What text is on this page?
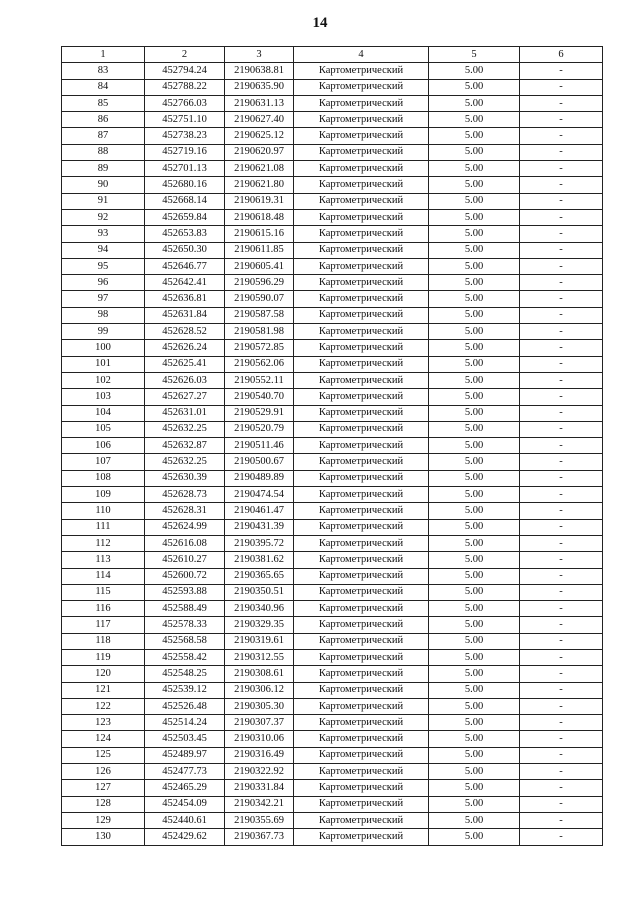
14
1	2	3	4	5	6
83	452794.24	2190638.81	Картометрический	5.00	-
84	452788.22	2190635.90	Картометрический	5.00	-
85	452766.03	2190631.13	Картометрический	5.00	-
86	452751.10	2190627.40	Картометрический	5.00	-
87	452738.23	2190625.12	Картометрический	5.00	-
88	452719.16	2190620.97	Картометрический	5.00	-
89	452701.13	2190621.08	Картометрический	5.00	-
90	452680.16	2190621.80	Картометрический	5.00	-
91	452668.14	2190619.31	Картометрический	5.00	-
92	452659.84	2190618.48	Картометрический	5.00	-
93	452653.83	2190615.16	Картометрический	5.00	-
94	452650.30	2190611.85	Картометрический	5.00	-
95	452646.77	2190605.41	Картометрический	5.00	-
96	452642.41	2190596.29	Картометрический	5.00	-
97	452636.81	2190590.07	Картометрический	5.00	-
98	452631.84	2190587.58	Картометрический	5.00	-
99	452628.52	2190581.98	Картометрический	5.00	-
100	452626.24	2190572.85	Картометрический	5.00	-
101	452625.41	2190562.06	Картометрический	5.00	-
102	452626.03	2190552.11	Картометрический	5.00	-
103	452627.27	2190540.70	Картометрический	5.00	-
104	452631.01	2190529.91	Картометрический	5.00	-
105	452632.25	2190520.79	Картометрический	5.00	-
106	452632.87	2190511.46	Картометрический	5.00	-
107	452632.25	2190500.67	Картометрический	5.00	-
108	452630.39	2190489.89	Картометрический	5.00	-
109	452628.73	2190474.54	Картометрический	5.00	-
110	452628.31	2190461.47	Картометрический	5.00	-
111	452624.99	2190431.39	Картометрический	5.00	-
112	452616.08	2190395.72	Картометрический	5.00	-
113	452610.27	2190381.62	Картометрический	5.00	-
114	452600.72	2190365.65	Картометрический	5.00	-
115	452593.88	2190350.51	Картометрический	5.00	-
116	452588.49	2190340.96	Картометрический	5.00	-
117	452578.33	2190329.35	Картометрический	5.00	-
118	452568.58	2190319.61	Картометрический	5.00	-
119	452558.42	2190312.55	Картометрический	5.00	-
120	452548.25	2190308.61	Картометрический	5.00	-
121	452539.12	2190306.12	Картометрический	5.00	-
122	452526.48	2190305.30	Картометрический	5.00	-
123	452514.24	2190307.37	Картометрический	5.00	-
124	452503.45	2190310.06	Картометрический	5.00	-
125	452489.97	2190316.49	Картометрический	5.00	-
126	452477.73	2190322.92	Картометрический	5.00	-
127	452465.29	2190331.84	Картометрический	5.00	-
128	452454.09	2190342.21	Картометрический	5.00	-
129	452440.61	2190355.69	Картометрический	5.00	-
130	452429.62	2190367.73	Картометрический	5.00	-
